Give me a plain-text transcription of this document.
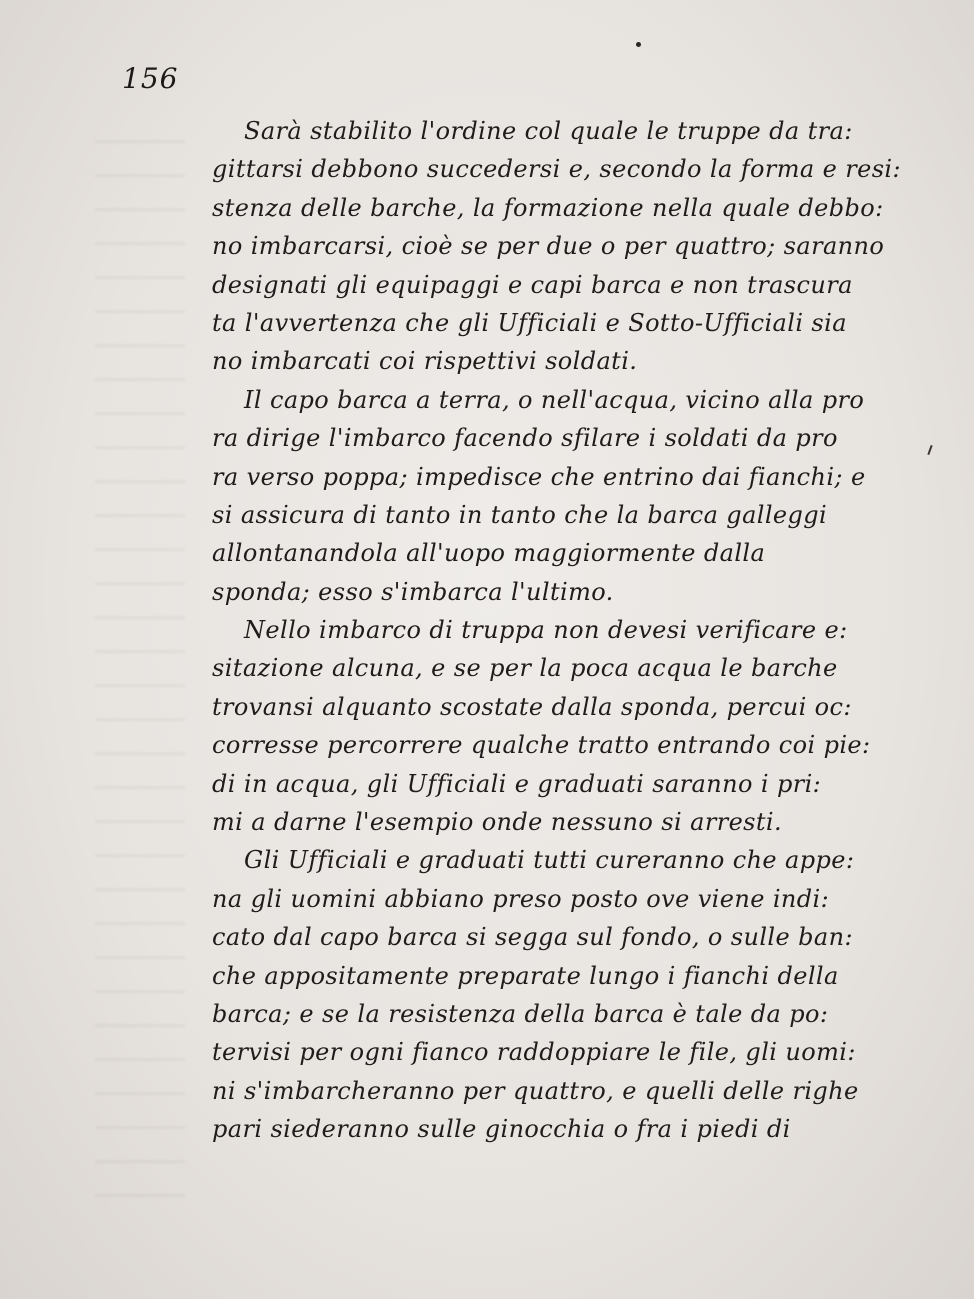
156
Sarà stabilito l'ordine col quale le truppe da tra:
gittarsi debbono succedersi e, secondo la forma e resi:
stenza delle barche, la formazione nella quale debbo:
no imbarcarsi, cioè se per due o per quattro; saranno
designati gli equipaggi e capi barca e non trascura
ta l'avvertenza che gli Ufficiali e Sotto-Ufficiali sia
no imbarcati coi rispettivi soldati.
Il capo barca a terra, o nell'acqua, vicino alla pro
ra dirige l'imbarco facendo sfilare i soldati da pro
ra verso poppa; impedisce che entrino dai fianchi; e
si assicura di tanto in tanto che la barca galleggi
allontanandola all'uopo maggiormente dalla
sponda; esso s'imbarca l'ultimo.
Nello imbarco di truppa non devesi verificare e:
sitazione alcuna, e se per la poca acqua le barche
trovansi alquanto scostate dalla sponda, percui oc:
corresse percorrere qualche tratto entrando coi pie:
di in acqua, gli Ufficiali e graduati saranno i pri:
mi a darne l'esempio onde nessuno si arresti.
Gli Ufficiali e graduati tutti cureranno che appe:
na gli uomini abbiano preso posto ove viene indi:
cato dal capo barca si segga sul fondo, o sulle ban:
che appositamente preparate lungo i fianchi della
barca; e se la resistenza della barca è tale da po:
tervisi per ogni fianco raddoppiare le file, gli uomi:
ni s'imbarcheranno per quattro, e quelli delle righe
pari siederanno sulle ginocchia o fra i piedi di
